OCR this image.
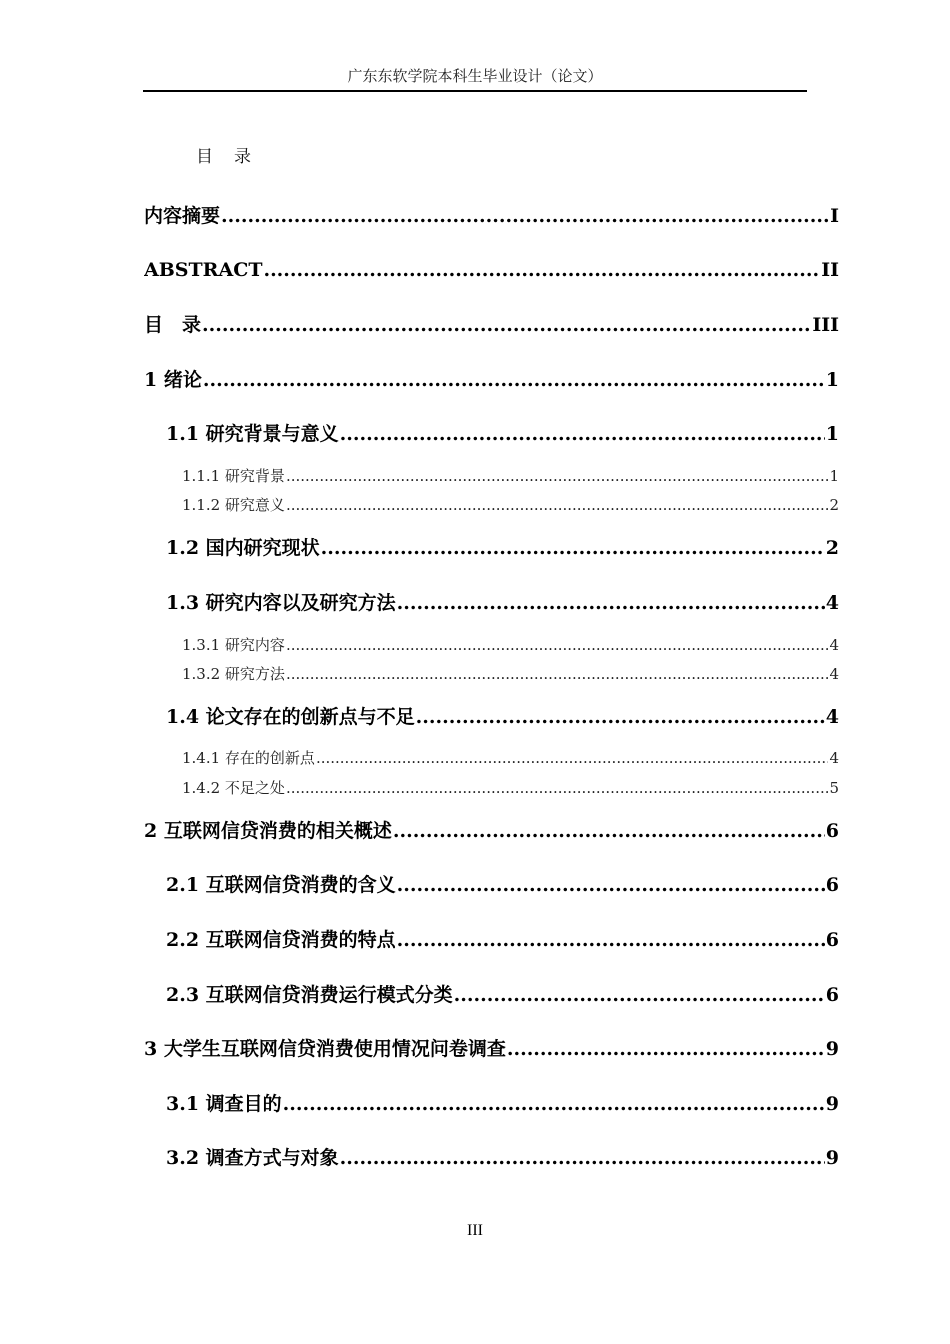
广东东软学院本科生毕业设计（论文）
目　录
内容摘要 .....	I
ABSTRACT .....	II
目　录 .....	III
1 绪论 .....	1
1.1 研究背景与意义 .....	1
1.1.1 研究背景 .....	1
1.1.2 研究意义 .....	2
1.2 国内研究现状 .....	2
1.3 研究内容以及研究方法 .....	4
1.3.1 研究内容 .....	4
1.3.2 研究方法 .....	4
1.4 论文存在的创新点与不足 .....	4
1.4.1 存在的创新点 .....	4
1.4.2 不足之处 .....	5
2 互联网信贷消费的相关概述 .....	6
2.1 互联网信贷消费的含义 .....	6
2.2 互联网信贷消费的特点 .....	6
2.3 互联网信贷消费运行模式分类 .....	6
3 大学生互联网信贷消费使用情况问卷调查 .....	9
3.1 调查目的 .....	9
3.2 调查方式与对象 .....	9
III
